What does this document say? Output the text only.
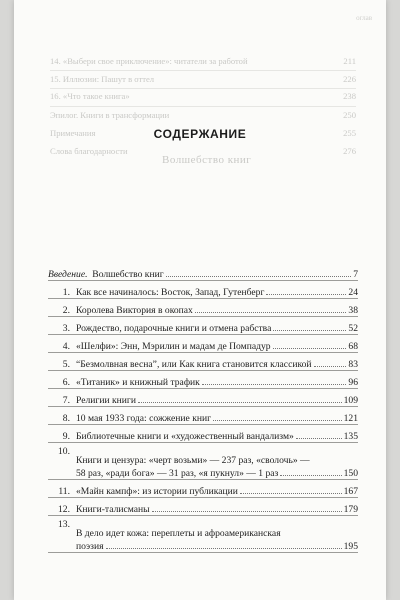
оглав
14. «Выбери свое приключение»: читатели за работой	211
15. Иллюзии: Пашут в оттел	226
16. «Что такое книга»	238
Эпилог. Книги в трансформации	250
Примечания	255
Слова благодарности	276
Волшебство книг
СОДЕРЖАНИЕ
Введение. Волшебство книг	7
1. Как все начиналось: Восток, Запад, Гутенберг	24
2. Королева Виктория в окопах	38
3. Рождество, подарочные книги и отмена рабства	52
4. «Шелфи»: Энн, Мэрилин и мадам де Помпадур	68
5. “Безмолвная весна”, или Как книга становится классикой	83
6. «Титаник» и книжный трафик	96
7. Религии книги	109
8. 10 мая 1933 года: сожжение книг	121
9. Библиотечные книги и «художественный вандализм»	135
10.
Книги и цензура: «черт возьми» — 237 раз, «сволочь» —
58 раз, «ради бога» — 31 раз, «я пукнул» — 1 раз	150
11. «Майн кампф»: из истории публикации	167
12. Книги-талисманы	179
13.
В дело идет кожа: переплеты и афроамериканская
поэзия	195
